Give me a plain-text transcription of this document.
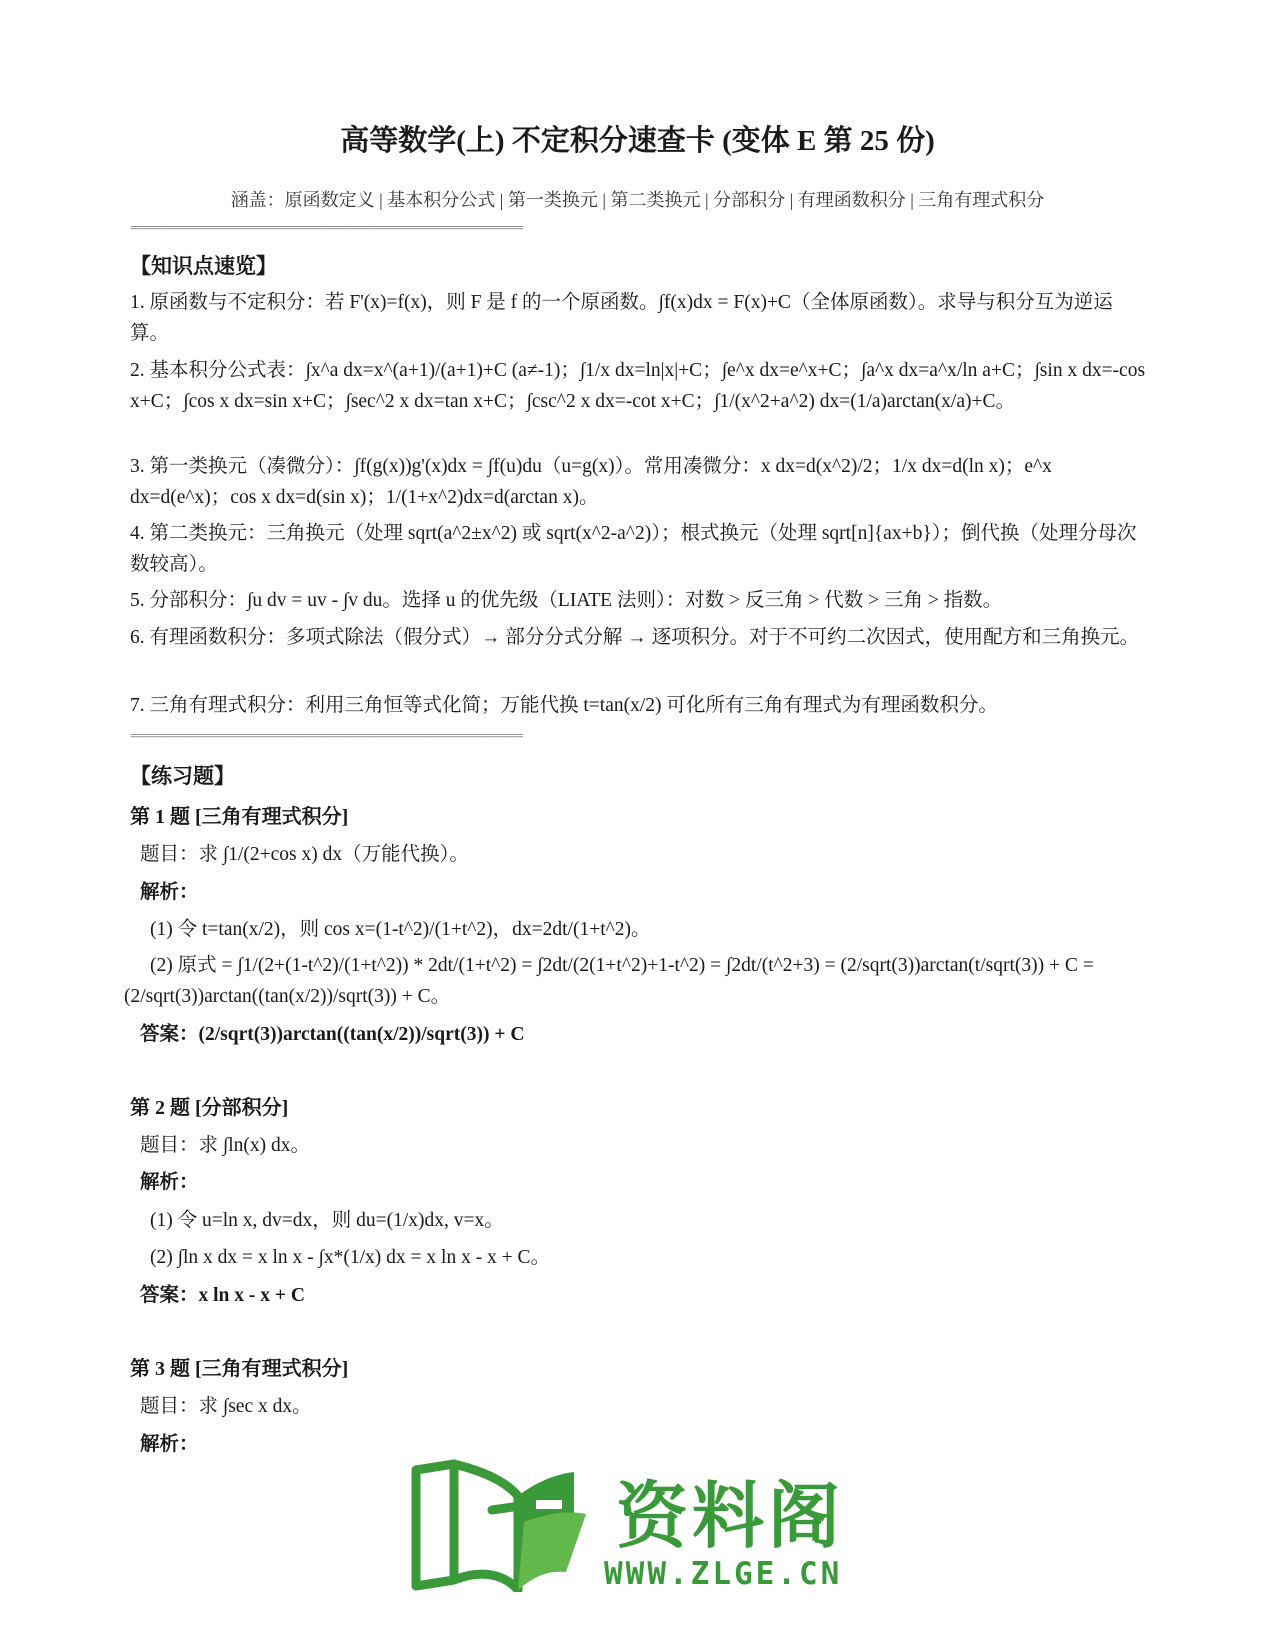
高等数学(上) 不定积分速查卡 (变体 E 第 25 份)
涵盖：原函数定义 | 基本积分公式 | 第一类换元 | 第二类换元 | 分部积分 | 有理函数积分 | 三角有理式积分
================================================================
【知识点速览】

1. 原函数与不定积分：若 F'(x)=f(x)，则 F 是 f 的一个原函数。∫f(x)dx = F(x)+C（全体原函数）。求导与积分互为逆运算。

2. 基本积分公式表：∫x^a dx=x^(a+1)/(a+1)+C (a≠-1)；∫1/x dx=ln|x|+C；∫e^x dx=e^x+C；∫a^x dx=a^x/ln a+C；∫sin x dx=-cos x+C；∫cos x dx=sin x+C；∫sec^2 x dx=tan x+C；∫csc^2 x dx=-cot x+C；∫1/(x^2+a^2) dx=(1/a)arctan(x/a)+C。

3. 第一类换元（凑微分）：∫f(g(x))g'(x)dx = ∫f(u)du（u=g(x)）。常用凑微分：x dx=d(x^2)/2；1/x dx=d(ln x)；e^x dx=d(e^x)；cos x dx=d(sin x)；1/(1+x^2)dx=d(arctan x)。

4. 第二类换元：三角换元（处理 sqrt(a^2±x^2) 或 sqrt(x^2-a^2)）；根式换元（处理 sqrt[n]{ax+b}）；倒代换（处理分母次数较高）。

5. 分部积分：∫u dv = uv - ∫v du。选择 u 的优先级（LIATE 法则）：对数 > 反三角 > 代数 > 三角 > 指数。

6. 有理函数积分：多项式除法（假分式）→ 部分分式分解 → 逐项积分。对于不可约二次因式，使用配方和三角换元。

7. 三角有理式积分：利用三角恒等式化简；万能代换 t=tan(x/2) 可化所有三角有理式为有理函数积分。

================================================================
【练习题】
第 1 题 [三角有理式积分]

题目：求 ∫1/(2+cos x) dx（万能代换）。

解析：

(1) 令 t=tan(x/2)，则 cos x=(1-t^2)/(1+t^2)，dx=2dt/(1+t^2)。

(2) 原式 = ∫1/(2+(1-t^2)/(1+t^2)) * 2dt/(1+t^2) = ∫2dt/(2(1+t^2)+1-t^2) = ∫2dt/(t^2+3) = (2/sqrt(3))arctan(t/sqrt(3)) + C = (2/sqrt(3))arctan((tan(x/2))/sqrt(3)) + C。

答案：(2/sqrt(3))arctan((tan(x/2))/sqrt(3)) + C

第 2 题 [分部积分]

题目：求 ∫ln(x) dx。

解析：

(1) 令 u=ln x, dv=dx，则 du=(1/x)dx, v=x。

(2) ∫ln x dx = x ln x - ∫x*(1/x) dx = x ln x - x + C。

答案：x ln x - x + C

第 3 题 [三角有理式积分]

题目：求 ∫sec x dx。

解析：

资料阁
WWW.ZLGE.CN
